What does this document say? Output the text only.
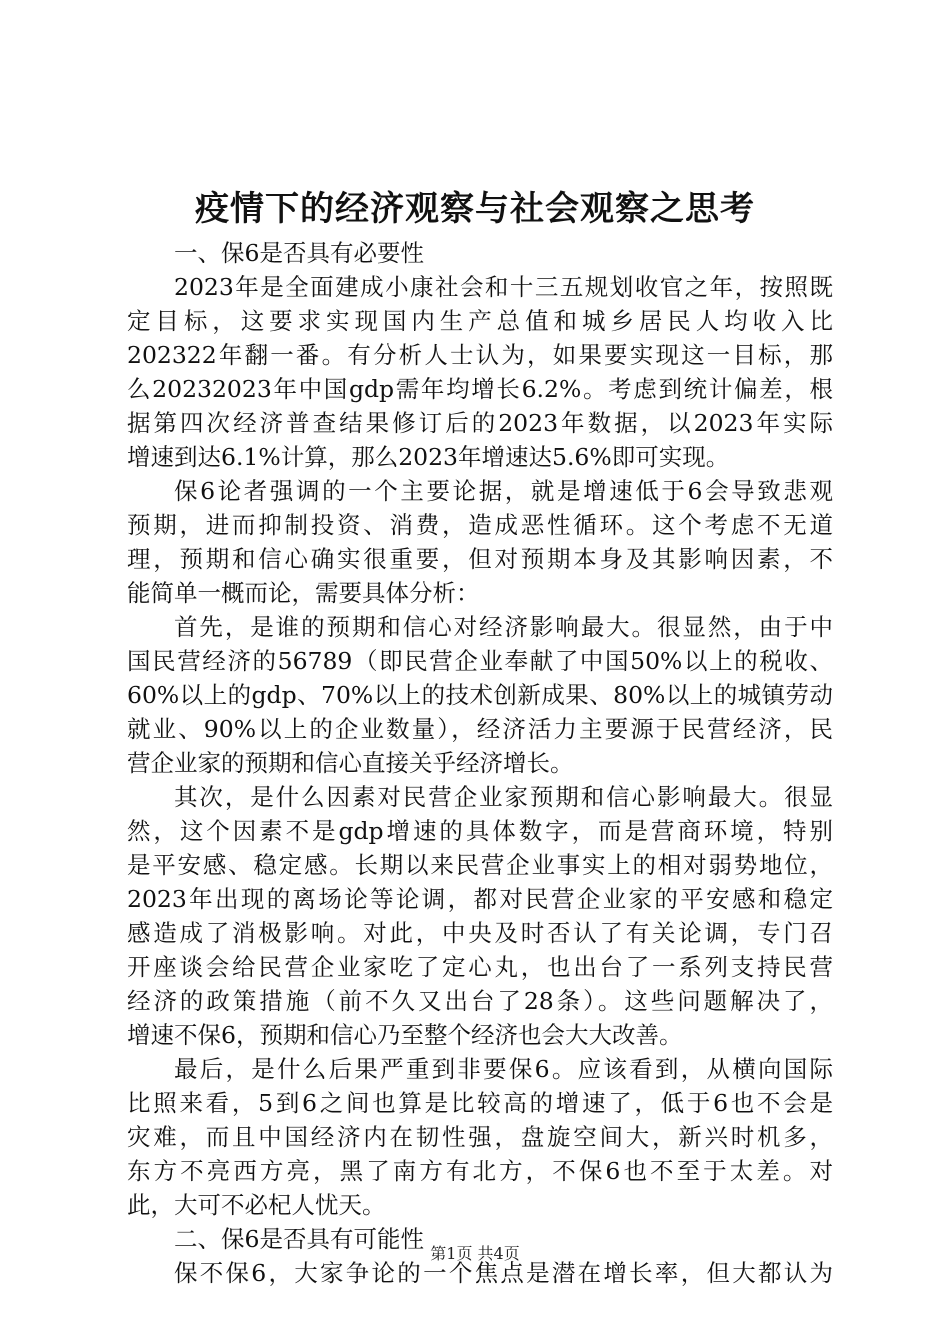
疫情下的经济观察与社会观察之思考
一、保6是否具有必要性
2023年是全面建成小康社会和十三五规划收官之年，按照既
定目标，这要求实现国内生产总值和城乡居民人均收入比
202322年翻一番。有分析人士认为，如果要实现这一目标，那
么20232023年中国gdp需年均增长6.2%。考虑到统计偏差，根
据第四次经济普查结果修订后的2023年数据，以2023年实际
增速到达6.1%计算，那么2023年增速达5.6%即可实现。
保6论者强调的一个主要论据，就是增速低于6会导致悲观
预期，进而抑制投资、消费，造成恶性循环。这个考虑不无道
理，预期和信心确实很重要，但对预期本身及其影响因素，不
能简单一概而论，需要具体分析：
首先，是谁的预期和信心对经济影响最大。很显然，由于中
国民营经济的56789（即民营企业奉献了中国50%以上的税收、
60%以上的gdp、70%以上的技术创新成果、80%以上的城镇劳动
就业、90%以上的企业数量），经济活力主要源于民营经济，民
营企业家的预期和信心直接关乎经济增长。
其次，是什么因素对民营企业家预期和信心影响最大。很显
然，这个因素不是gdp增速的具体数字，而是营商环境，特别
是平安感、稳定感。长期以来民营企业事实上的相对弱势地位，
2023年出现的离场论等论调，都对民营企业家的平安感和稳定
感造成了消极影响。对此，中央及时否认了有关论调，专门召
开座谈会给民营企业家吃了定心丸，也出台了一系列支持民营
经济的政策措施（前不久又出台了28条）。这些问题解决了，
增速不保6，预期和信心乃至整个经济也会大大改善。
最后，是什么后果严重到非要保6。应该看到，从横向国际
比照来看，5到6之间也算是比较高的增速了，低于6也不会是
灾难，而且中国经济内在韧性强，盘旋空间大，新兴时机多，
东方不亮西方亮，黑了南方有北方，不保6也不至于太差。对
此，大可不必杞人忧天。
二、保6是否具有可能性
保不保6，大家争论的一个焦点是潜在增长率，但大都认为
第1页 共4页
